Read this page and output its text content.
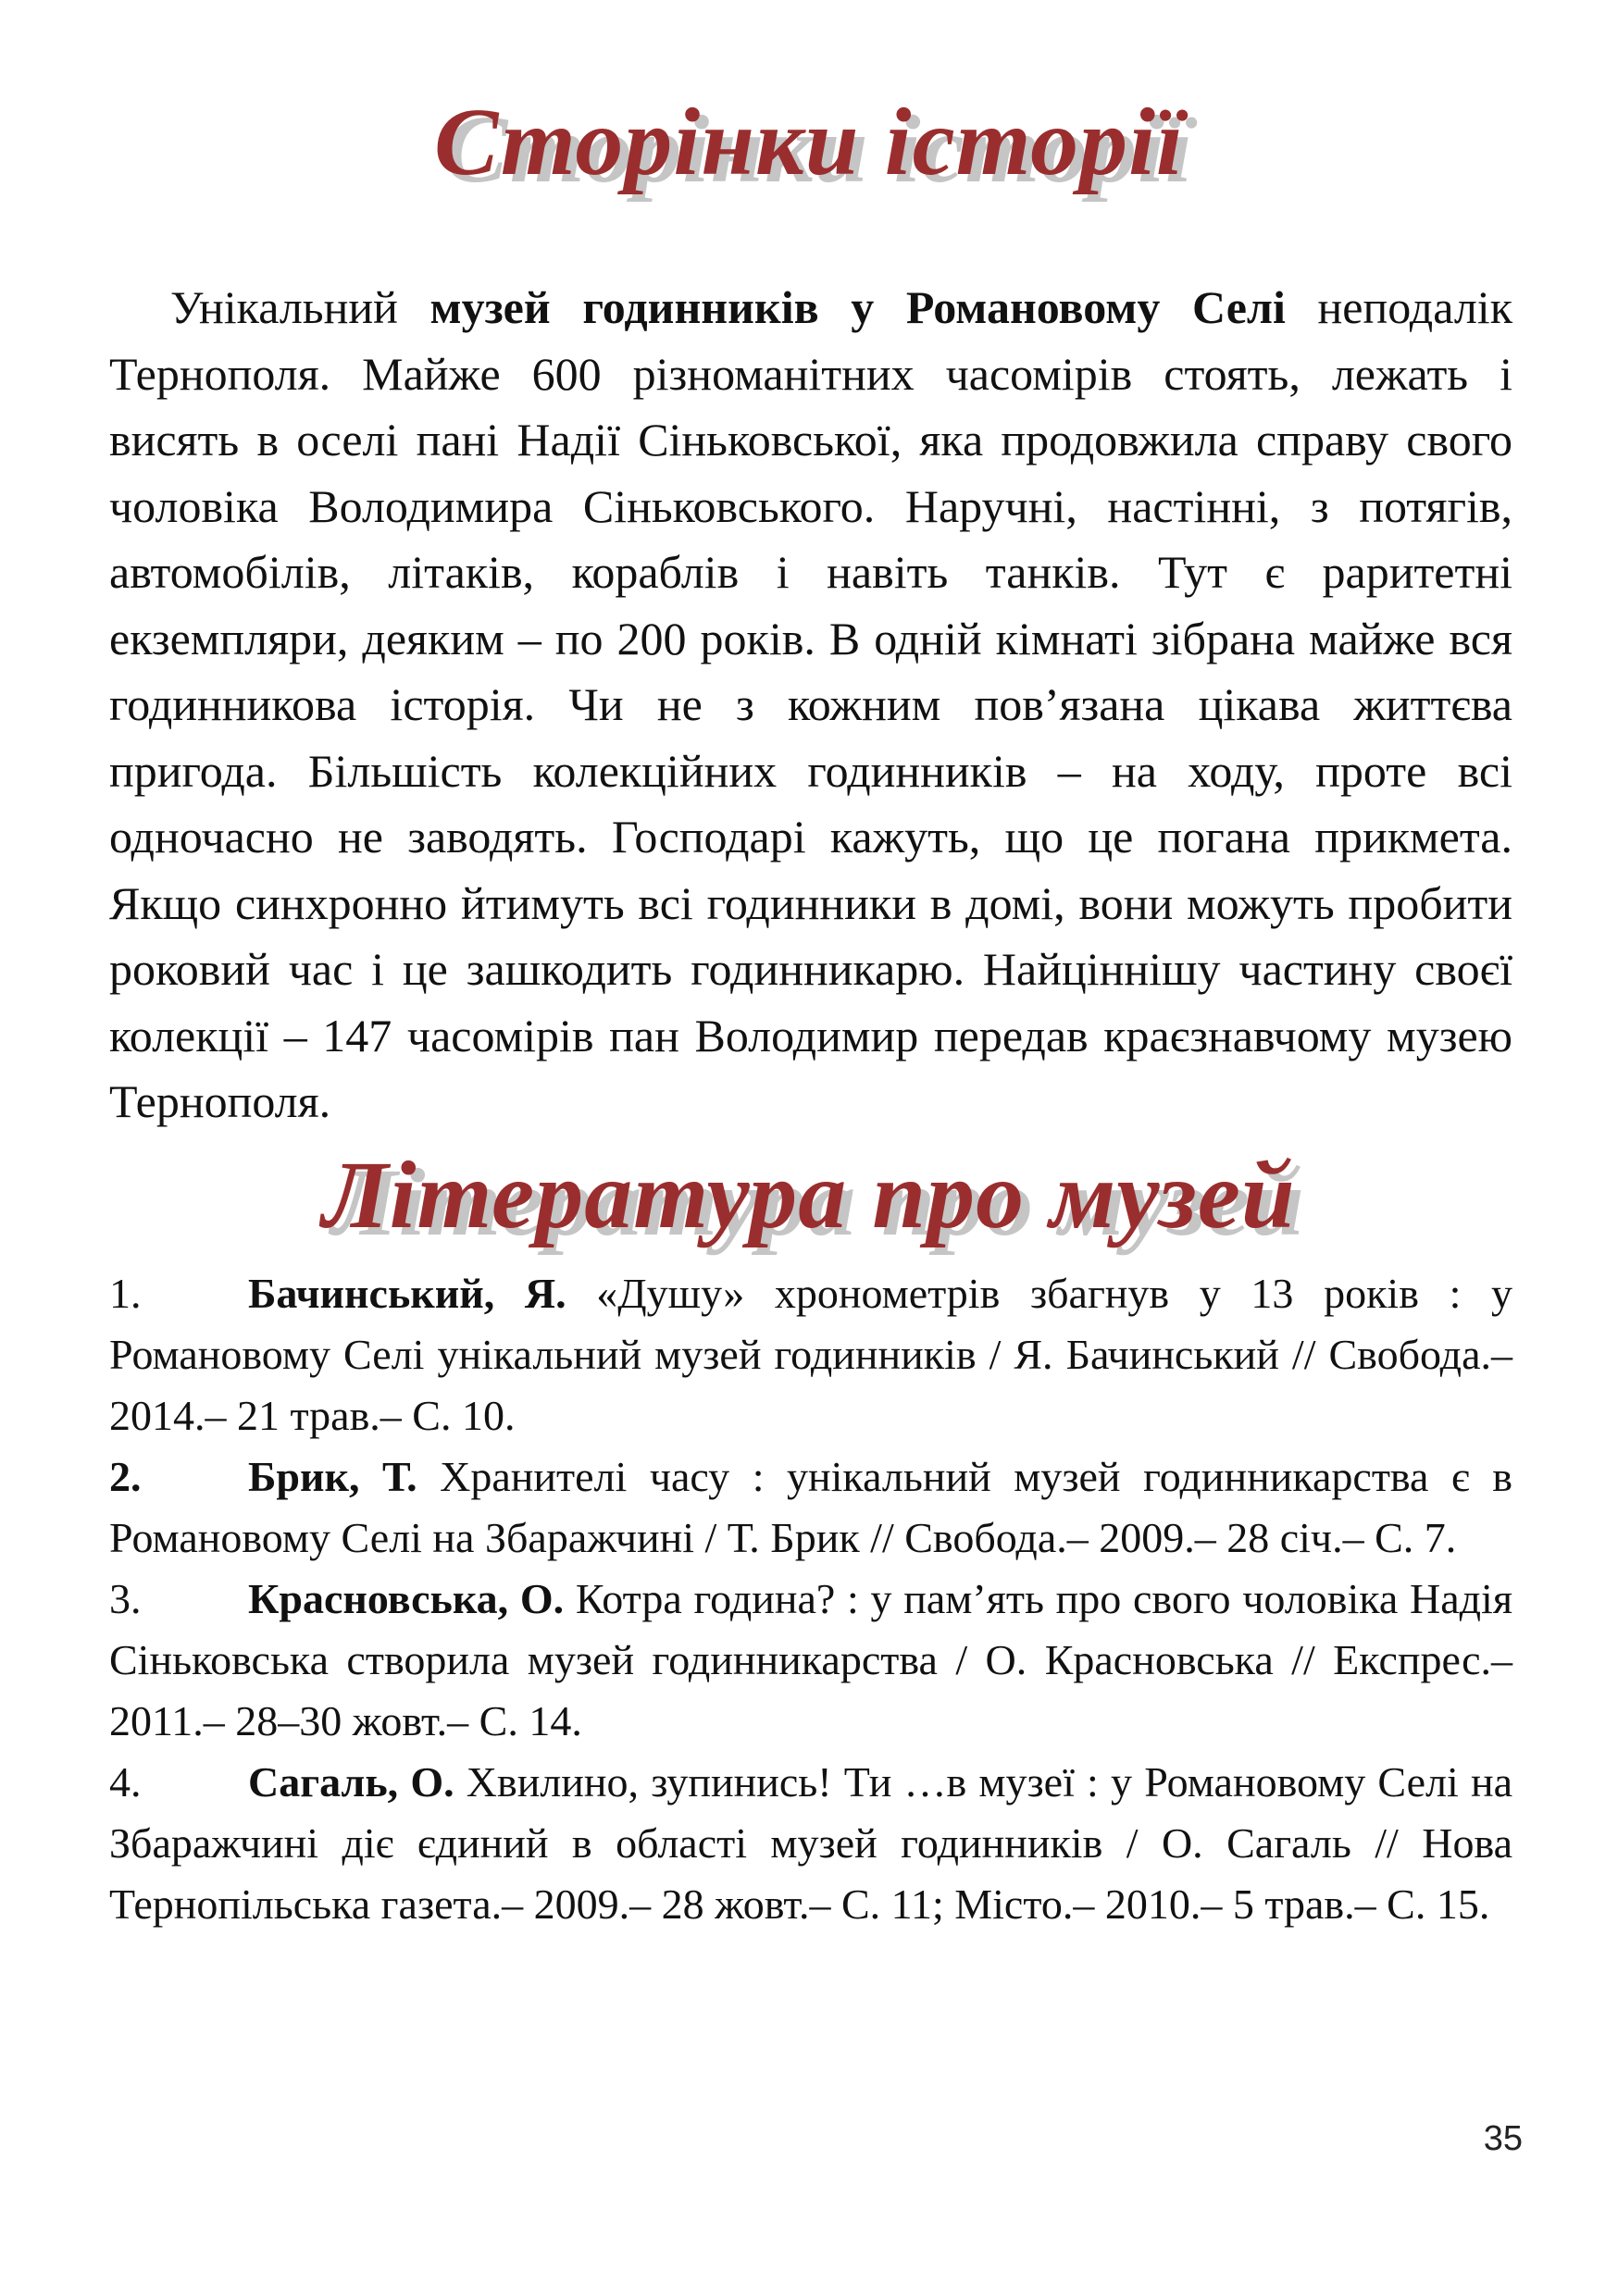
Сторінки історії

Унікальний музей годинників у Романовому Селі неподалік Тернополя. Майже 600 різноманітних часомірів стоять, лежать і висять в оселі пані Надії Сіньковської, яка продовжила справу свого чоловіка Володимира Сіньковського. Наручні, настінні, з потягів, автомобілів, літаків, кораблів і навіть танків. Тут є раритетні екземпляри, деяким – по 200 років. В одній кімнаті зібрана майже вся годинникова історія. Чи не з кожним пов’язана цікава життєва пригода. Більшість колекційних годинників – на ходу, проте всі одночасно не заводять. Господарі кажуть, що це погана прикмета. Якщо синхронно йтимуть всі годинники в домі, вони можуть пробити роковий час і це зашкодить годинникарю. Найціннішу частину своєї колекції – 147 часомірів пан Володимир передав краєзнавчому музею Тернополя.

Література про музей

1.	Бачинський, Я. «Душу» хронометрів збагнув у 13 років : у Романовому Селі унікальний музей годинників / Я. Бачинський // Свобода.– 2014.– 21 трав.– С. 10.

2.	Брик, Т. Хранителі часу : унікальний музей годинникарства є в Романовому Селі на Збаражчині / Т. Брик // Свобода.– 2009.– 28 січ.– С. 7.

3.	Красновська, О. Котра година? : у пам’ять про свого чоловіка Надія Сіньковська створила музей годинникарства / О. Красновська // Експрес.– 2011.– 28–30 жовт.– С. 14.

4.	Сагаль, О. Хвилино, зупинись! Ти …в музеї : у Романовому Селі на Збаражчині діє єдиний в області музей годинників / О. Сагаль // Нова Тернопільська газета.– 2009.– 28 жовт.– С. 11; Місто.– 2010.– 5 трав.– С. 15.

35
